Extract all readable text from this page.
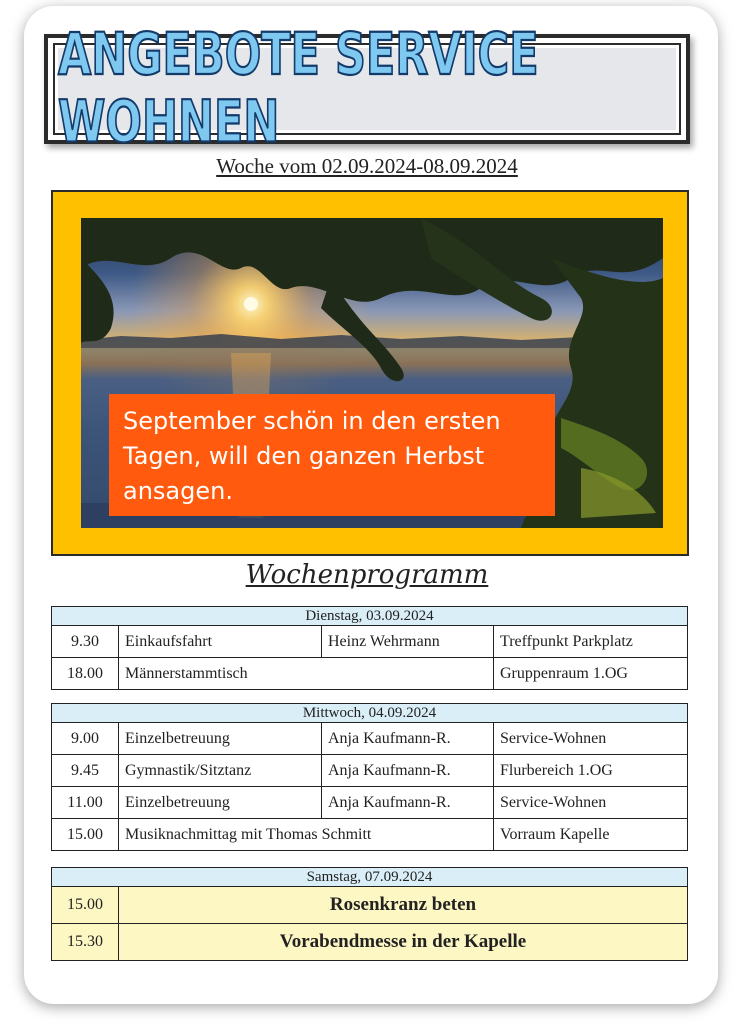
ANGEBOTE SERVICE WOHNEN
Woche vom 02.09.2024-08.09.2024

September schön in den ersten
Tagen, will den ganzen Herbst
ansagen.

Wochenprogramm
Dienstag, 03.09.2024			
9.30	Einkaufsfahrt	Heinz Wehrmann	Treffpunkt Parkplatz
18.00	Männerstammtisch		Gruppenraum 1.OG
Mittwoch, 04.09.2024			
9.00	Einzelbetreuung	Anja Kaufmann-R.	Service-Wohnen
9.45	Gymnastik/Sitztanz	Anja Kaufmann-R.	Flurbereich 1.OG
11.00	Einzelbetreuung	Anja Kaufmann-R.	Service-Wohnen
15.00	Musiknachmittag mit Thomas Schmitt		Vorraum Kapelle
Samstag, 07.09.2024	
15.00	Rosenkranz beten
15.30	Vorabendmesse in der Kapelle
